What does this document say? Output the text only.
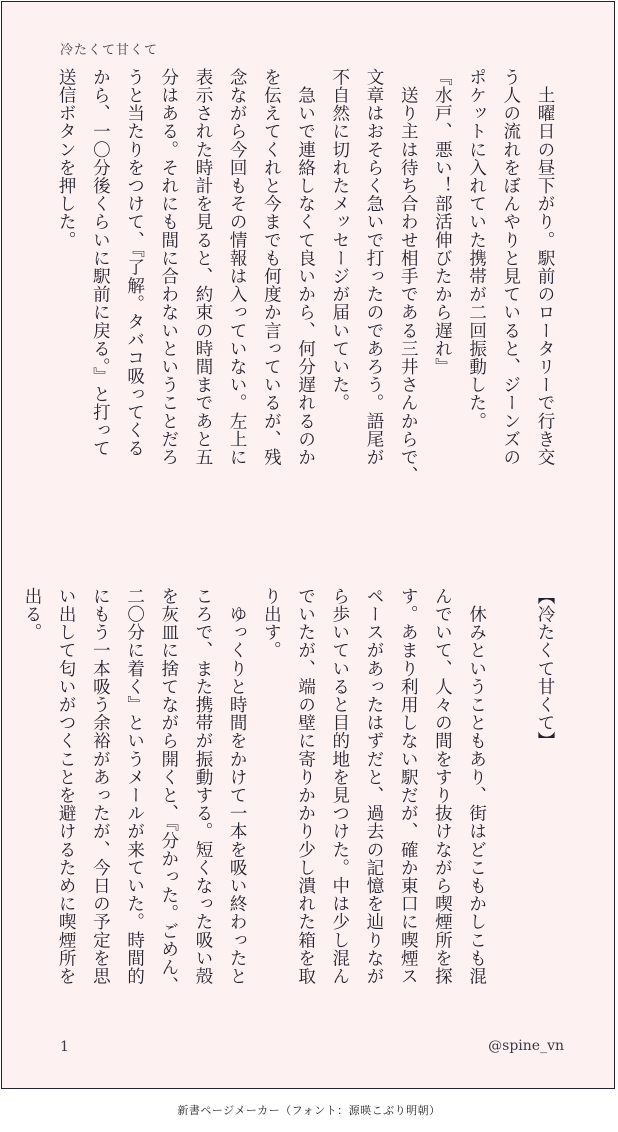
冷たくて甘くて
　土曜日の昼下がり。駅前のロータリーで行き交
う人の流れをぼんやりと見ていると、ジーンズの
ポケットに入れていた携帯が二回振動した。
『水戸、悪い！部活伸びたから遅れ』
　送り主は待ち合わせ相手である三井さんからで、
文章はおそらく急いで打ったのであろう。語尾が
不自然に切れたメッセージが届いていた。
　急いで連絡しなくて良いから、何分遅れるのか
を伝えてくれと今までも何度か言っているが、残
念ながら今回もその情報は入っていない。左上に
表示された時計を見ると、約束の時間まであと五
分はある。それにも間に合わないということだろ
うと当たりをつけて、『了解。タバコ吸ってくる
から、一〇分後くらいに駅前に戻る。』と打って
送信ボタンを押した。
【冷たくて甘くて】

　休みということもあり、街はどこもかしこも混
んでいて、人々の間をすり抜けながら喫煙所を探
す。あまり利用しない駅だが、確か東口に喫煙ス
ペースがあったはずだと、過去の記憶を辿りなが
ら歩いていると目的地を見つけた。中は少し混ん
でいたが、端の壁に寄りかかり少し潰れた箱を取
り出す。
　ゆっくりと時間をかけて一本を吸い終わったと
ころで、また携帯が振動する。短くなった吸い殻
を灰皿に捨てながら開くと、『分かった。ごめん、
二〇分に着く』というメールが来ていた。時間的
にもう一本吸う余裕があったが、今日の予定を思
い出して匂いがつくことを避けるために喫煙所を
出る。
1	@spine_vn
新書ページメーカー（フォント：源暎こぶり明朝）
